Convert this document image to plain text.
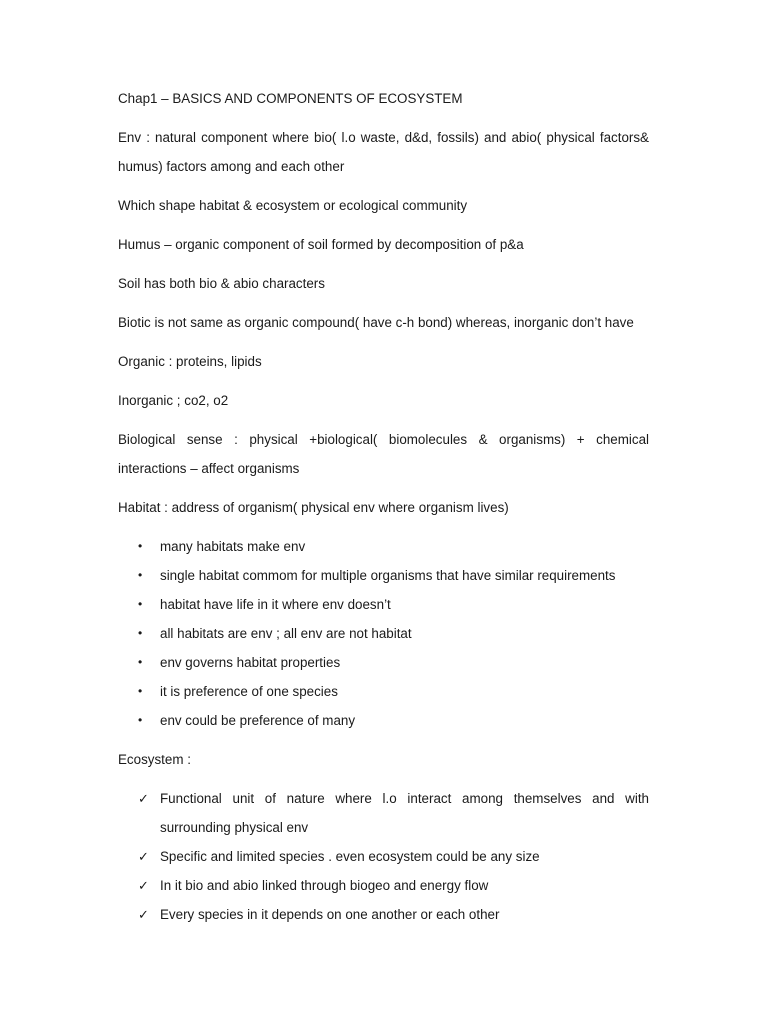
Chap1 – BASICS AND COMPONENTS OF ECOSYSTEM
Env : natural component where bio( l.o waste, d&d, fossils) and abio( physical factors& humus) factors among and each other
Which shape habitat & ecosystem or ecological community
Humus – organic component of soil formed by decomposition of p&a
Soil has both bio & abio characters
Biotic is not same as organic compound( have c-h bond) whereas, inorganic don’t have
Organic : proteins, lipids
Inorganic ; co2, o2
Biological sense : physical +biological( biomolecules & organisms) + chemical interactions – affect organisms
Habitat : address of organism( physical env where organism lives)
• many habitats make env
• single habitat commom for multiple organisms that have similar requirements
• habitat have life in it where env doesn’t
• all habitats are env ; all env are not habitat
• env governs habitat properties
• it is preference of one species
• env could be preference of many
Ecosystem :
✓ Functional unit of nature where l.o interact among themselves and with surrounding physical env
✓ Specific and limited species . even ecosystem could be any size
✓ In it bio and abio linked through biogeo and energy flow
✓ Every species in it depends on one another or each other
